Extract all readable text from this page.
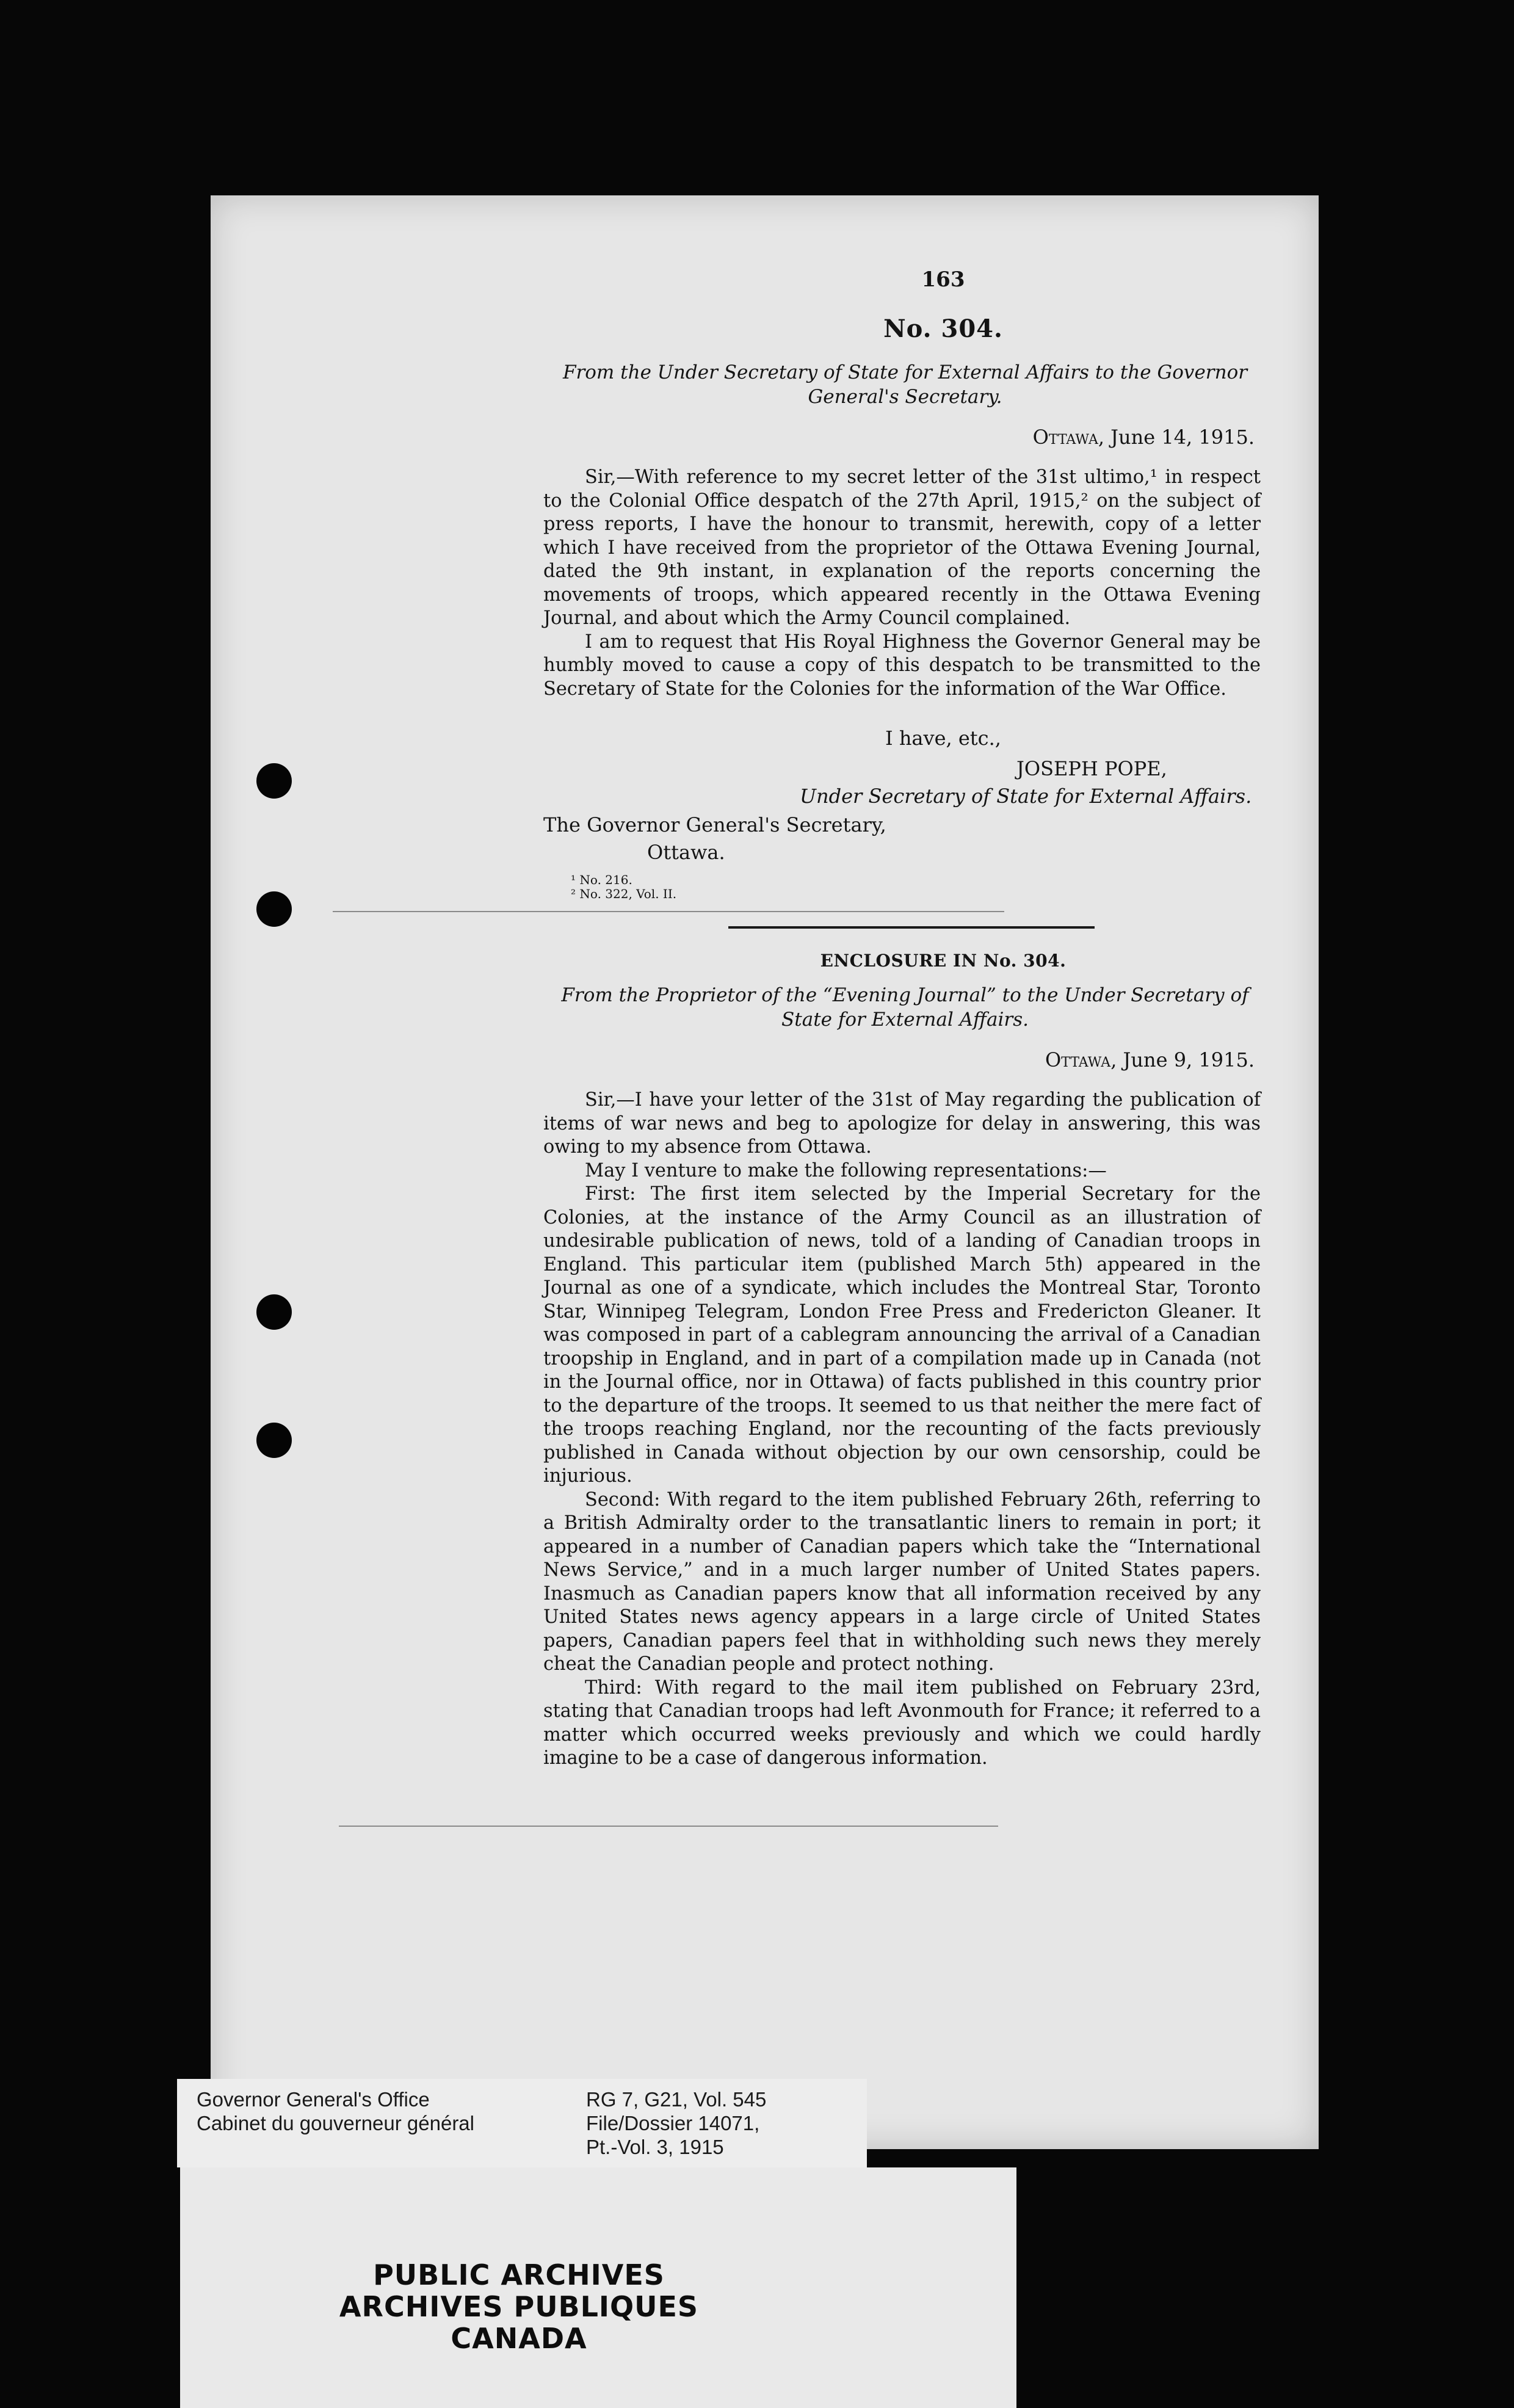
163
No. 304.
From the Under Secretary of State for External Affairs to the Governor
General's Secretary.
Ottawa, June 14, 1915.

Sir,—With reference to my secret letter of the 31st ultimo,¹ in respect to the Colonial Office despatch of the 27th April, 1915,² on the subject of press reports, I have the honour to transmit, herewith, copy of a letter which I have received from the proprietor of the Ottawa Evening Journal, dated the 9th instant, in explanation of the reports concerning the movements of troops, which appeared recently in the Ottawa Evening Journal, and about which the Army Council complained.

I am to request that His Royal Highness the Governor General may be humbly moved to cause a copy of this despatch to be transmitted to the Secretary of State for the Colonies for the information of the War Office.

I have, etc.,
JOSEPH POPE,
Under Secretary of State for External Affairs.
The Governor General's Secretary,
Ottawa.
¹ No. 216.
² No. 322, Vol. II.
ENCLOSURE IN No. 304.
From the Proprietor of the “Evening Journal” to the Under Secretary of
State for External Affairs.
Ottawa, June 9, 1915.

Sir,—I have your letter of the 31st of May regarding the publication of items of war news and beg to apologize for delay in answering, this was owing to my absence from Ottawa.

May I venture to make the following representations:—

First: The first item selected by the Imperial Secretary for the Colonies, at the instance of the Army Council as an illustration of undesirable publication of news, told of a landing of Canadian troops in England. This particular item (published March 5th) appeared in the Journal as one of a syndicate, which includes the Montreal Star, Toronto Star, Winnipeg Telegram, London Free Press and Fredericton Gleaner. It was composed in part of a cablegram announcing the arrival of a Canadian troopship in England, and in part of a compilation made up in Canada (not in the Journal office, nor in Ottawa) of facts published in this country prior to the departure of the troops. It seemed to us that neither the mere fact of the troops reaching England, nor the recounting of the facts previously published in Canada without objection by our own censorship, could be injurious.

Second: With regard to the item published February 26th, referring to a British Admiralty order to the transatlantic liners to remain in port; it appeared in a number of Canadian papers which take the “International News Service,” and in a much larger number of United States papers. Inasmuch as Canadian papers know that all information received by any United States news agency appears in a large circle of United States papers, Canadian papers feel that in withholding such news they merely cheat the Canadian people and protect nothing.

Third: With regard to the mail item published on February 23rd, stating that Canadian troops had left Avonmouth for France; it referred to a matter which occurred weeks previously and which we could hardly imagine to be a case of dangerous information.

Governor General's Office
Cabinet du gouverneur général
RG 7, G21, Vol. 545
File/Dossier 14071,
Pt.-Vol. 3, 1915
PUBLIC ARCHIVES
ARCHIVES PUBLIQUES
CANADA
